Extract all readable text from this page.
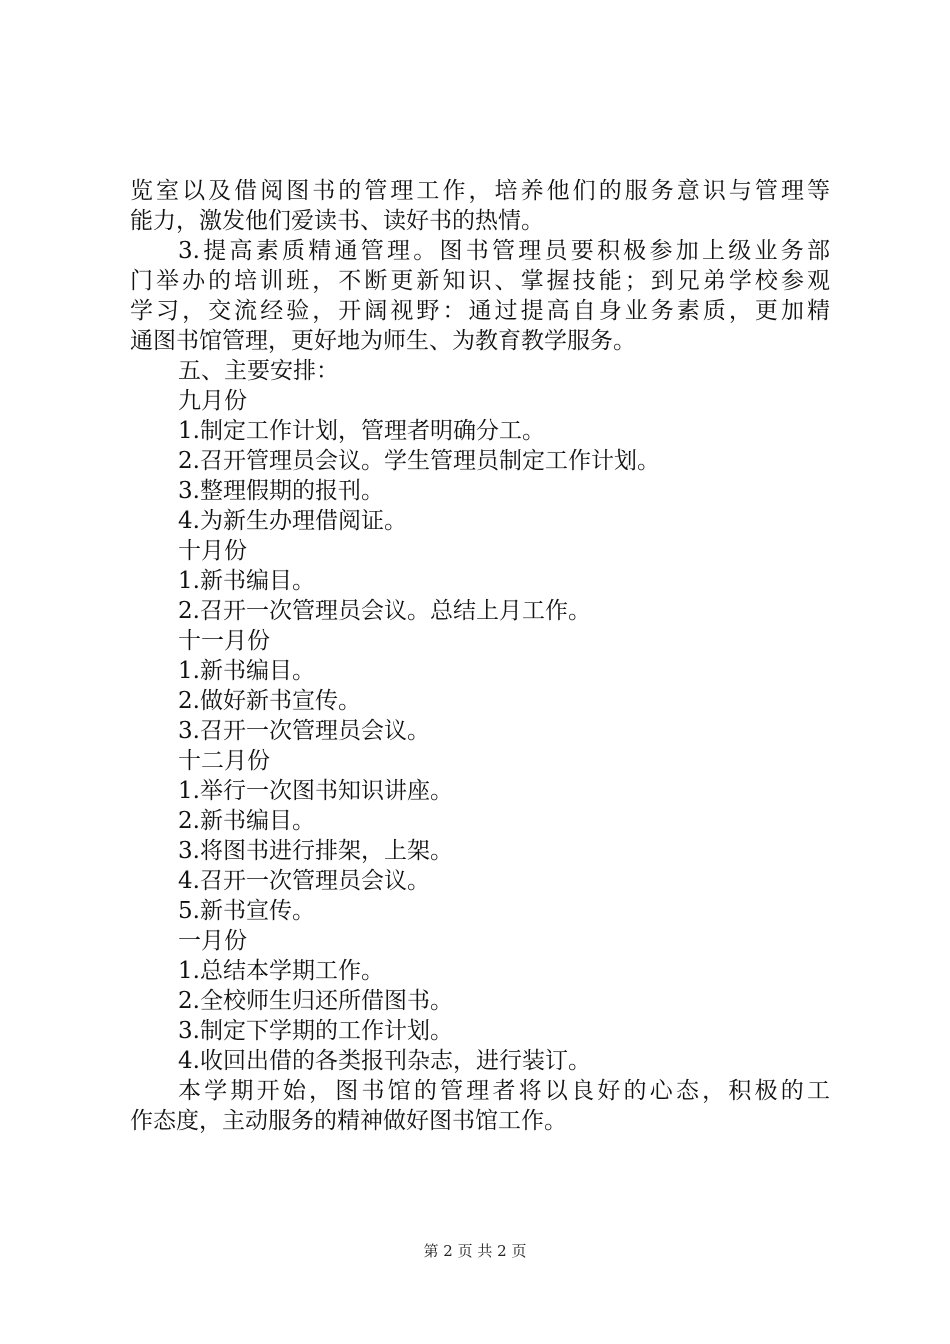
览室以及借阅图书的管理工作，培养他们的服务意识与管理等
能力，激发他们爱读书、读好书的热情。
3.提高素质精通管理。图书管理员要积极参加上级业务部
门举办的培训班，不断更新知识、掌握技能；到兄弟学校参观
学习，交流经验，开阔视野：通过提高自身业务素质，更加精
通图书馆管理，更好地为师生、为教育教学服务。
五、主要安排：
九月份
1.制定工作计划，管理者明确分工。
2.召开管理员会议。学生管理员制定工作计划。
3.整理假期的报刊。
4.为新生办理借阅证。
十月份
1.新书编目。
2.召开一次管理员会议。总结上月工作。
十一月份
1.新书编目。
2.做好新书宣传。
3.召开一次管理员会议。
十二月份
1.举行一次图书知识讲座。
2.新书编目。
3.将图书进行排架，上架。
4.召开一次管理员会议。
5.新书宣传。
一月份
1.总结本学期工作。
2.全校师生归还所借图书。
3.制定下学期的工作计划。
4.收回出借的各类报刊杂志，进行装订。
本学期开始，图书馆的管理者将以良好的心态，积极的工
作态度，主动服务的精神做好图书馆工作。
第 2 页 共 2 页
